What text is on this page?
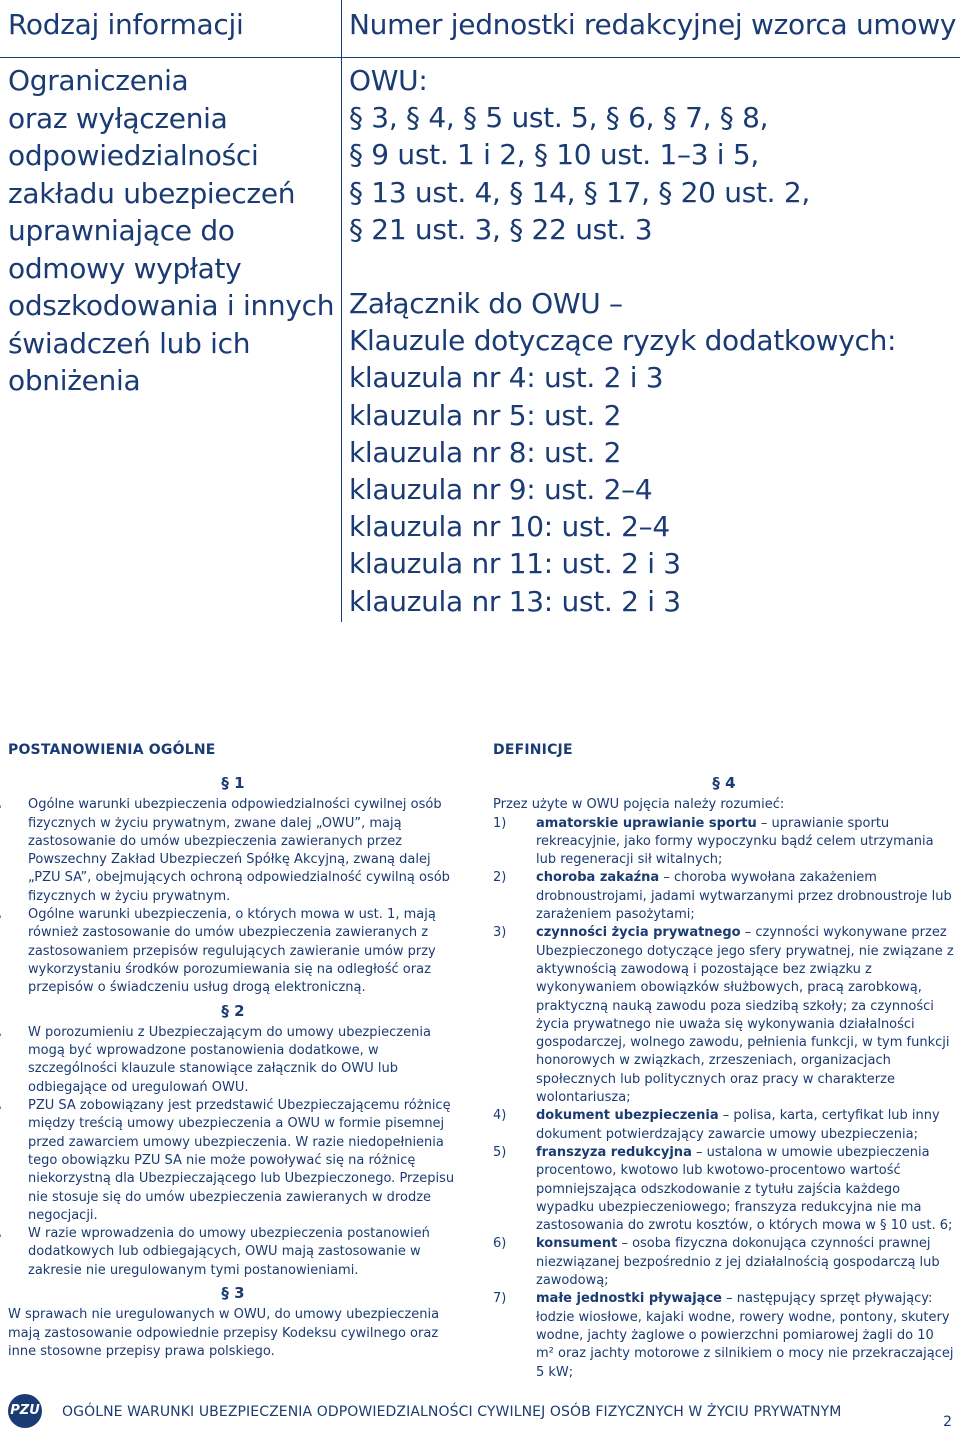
Rodzaj informacji	Numer jednostki redakcyjnej wzorca umowy
Ograniczenia
oraz wyłączenia
odpowiedzialności
zakładu ubezpieczeń
uprawniające do
odmowy wypłaty
odszkodowania i innych
świadczeń lub ich
obniżenia
OWU:
§ 3, § 4, § 5 ust. 5, § 6, § 7, § 8,
§ 9 ust. 1 i 2, § 10 ust. 1–3 i 5,
§ 13 ust. 4, § 14, § 17, § 20 ust. 2,
§ 21 ust. 3, § 22 ust. 3
Załącznik do OWU –
Klauzule dotyczące ryzyk dodatkowych:
klauzula nr 4: ust. 2 i 3
klauzula nr 5: ust. 2
klauzula nr 8: ust. 2
klauzula nr 9: ust. 2–4
klauzula nr 10: ust. 2–4
klauzula nr 11: ust. 2 i 3
klauzula nr 13: ust. 2 i 3
POSTANOWIENIA OGÓLNE	DEFINICJE
§ 1

Ogólne warunki ubezpieczenia odpowiedzialności cywilnej osób fizycznych w życiu prywatnym, zwane dalej „OWU”, mają zastosowanie do umów ubezpieczenia zawieranych przez Powszechny Zakład Ubezpieczeń Spółkę Akcyjną, zwaną dalej „PZU SA”, obejmujących ochroną odpowiedzialność cywilną osób fizycznych w życiu prywatnym.

Ogólne warunki ubezpieczenia, o których mowa w ust. 1, mają również zastosowanie do umów ubezpieczenia zawieranych z zastosowaniem przepisów regulujących zawieranie umów przy wykorzystaniu środków porozumiewania się na odległość oraz przepisów o świadczeniu usług drogą elektroniczną.

§ 2

W porozumieniu z Ubezpieczającym do umowy ubezpieczenia mogą być wprowadzone postanowienia dodatkowe, w szczególności klauzule stanowiące załącznik do OWU lub odbiegające od uregulowań OWU.

PZU SA zobowiązany jest przedstawić Ubezpieczającemu różnicę między treścią umowy ubezpieczenia a OWU w formie pisemnej przed zawarciem umowy ubezpieczenia. W razie niedopełnienia tego obowiązku PZU SA nie może powoływać się na różnicę niekorzystną dla Ubezpieczającego lub Ubezpieczonego. Przepisu nie stosuje się do umów ubezpieczenia zawieranych w drodze negocjacji.

W razie wprowadzenia do umowy ubezpieczenia postanowień dodatkowych lub odbiegających, OWU mają zastosowanie w zakresie nie uregulowanym tymi postanowieniami.

§ 3

W sprawach nie uregulowanych w OWU, do umowy ubezpieczenia mają zastosowanie odpowiednie przepisy Kodeksu cywilnego oraz inne stosowne przepisy prawa polskiego.

§ 4

Przez użyte w OWU pojęcia należy rozumieć:

1) amatorskie uprawianie sportu – uprawianie sportu rekreacyjnie, jako formy wypoczynku bądź celem utrzymania lub regeneracji sił witalnych;

2) choroba zakaźna – choroba wywołana zakażeniem drobnoustrojami, jadami wytwarzanymi przez drobnoustroje lub zarażeniem pasożytami;

3) czynności życia prywatnego – czynności wykonywane przez Ubezpieczonego dotyczące jego sfery prywatnej, nie związane z aktywnością zawodową i pozostające bez związku z wykonywaniem obowiązków służbowych, pracą zarobkową, praktyczną nauką zawodu poza siedzibą szkoły; za czynności życia prywatnego nie uważa się wykonywania działalności gospodarczej, wolnego zawodu, pełnienia funkcji, w tym funkcji honorowych w związkach, zrzeszeniach, organizacjach społecznych lub politycznych oraz pracy w charakterze wolontariusza;

4) dokument ubezpieczenia – polisa, karta, certyfikat lub inny dokument potwierdzający zawarcie umowy ubezpieczenia;

5) franszyza redukcyjna – ustalona w umowie ubezpieczenia procentowo, kwotowo lub kwotowo-procentowo wartość pomniejszająca odszkodowanie z tytułu zajścia każdego wypadku ubezpieczeniowego; franszyza redukcyjna nie ma zastosowania do zwrotu kosztów, o których mowa w § 10 ust. 6;

6) konsument – osoba fizyczna dokonująca czynności prawnej niezwiązanej bezpośrednio z jej działalnością gospodarczą lub zawodową;

7) małe jednostki pływające – następujący sprzęt pływający: łodzie wiosłowe, kajaki wodne, rowery wodne, pontony, skutery wodne, jachty żaglowe o powierzchni pomiarowej żagli do 10 m² oraz jachty motorowe z silnikiem o mocy nie przekraczającej 5 kW;

PZU OGÓLNE WARUNKI UBEZPIECZENIA ODPOWIEDZIALNOŚCI CYWILNEJ OSÓB FIZYCZNYCH W ŻYCIU PRYWATNYM
2
